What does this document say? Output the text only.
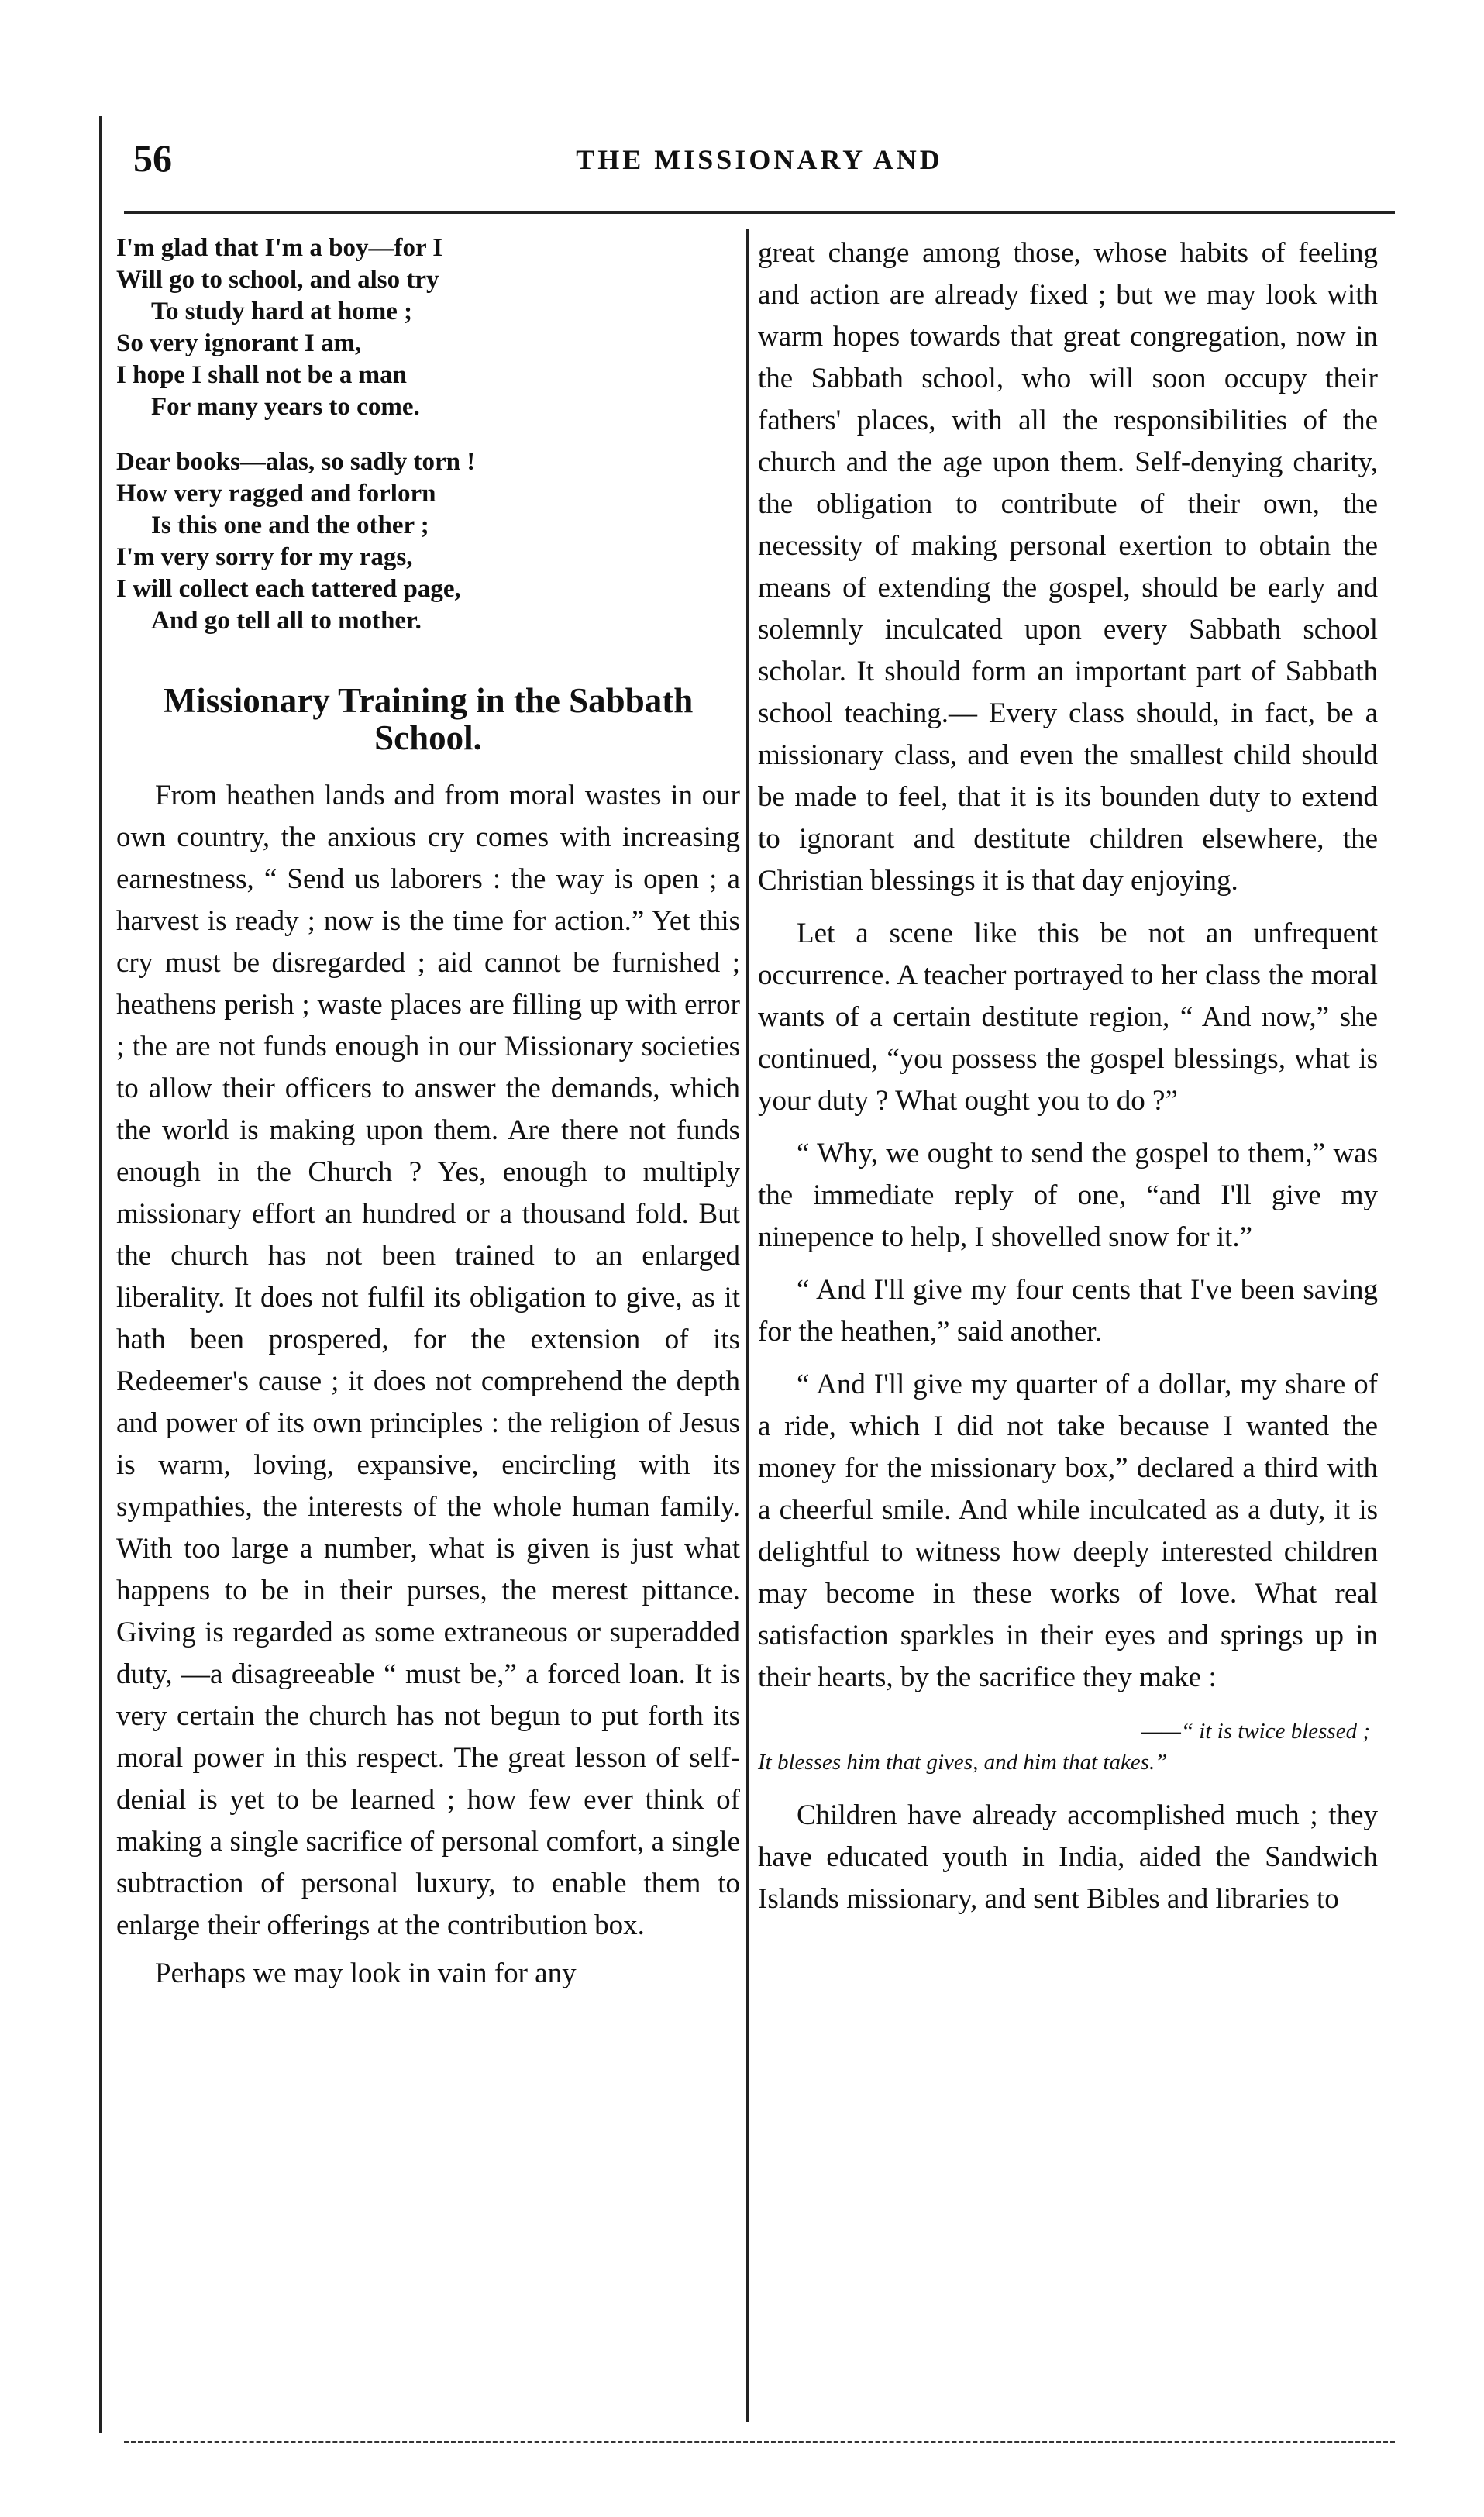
56	THE MISSIONARY AND
I'm glad that I'm a boy—for I
Will go to school, and also try
To study hard at home ;
So very ignorant I am,
I hope I shall not be a man
For many years to come.
Dear books—alas, so sadly torn !
How very ragged and forlorn
Is this one and the other ;
I'm very sorry for my rags,
I will collect each tattered page,
And go tell all to mother.
Missionary Training in the Sabbath School.

From heathen lands and from moral wastes in our own country, the anxious cry comes with increasing earnestness, “ Send us laborers : the way is open ; a harvest is ready ; now is the time for action.” Yet this cry must be disregarded ; aid cannot be furnished ; heathens perish ; waste places are filling up with error ; the are not funds enough in our Missionary societies to allow their officers to answer the demands, which the world is making upon them. Are there not funds enough in the Church ? Yes, enough to multiply missionary effort an hundred or a thousand fold. But the church has not been trained to an enlarged liberality. It does not fulfil its obligation to give, as it hath been prospered, for the extension of its Redeemer's cause ; it does not comprehend the depth and power of its own principles : the religion of Jesus is warm, loving, expansive, encircling with its sympathies, the interests of the whole human family. With too large a number, what is given is just what happens to be in their purses, the merest pittance. Giving is regarded as some extraneous or superadded duty, —a disagreeable “ must be,” a forced loan. It is very certain the church has not begun to put forth its moral power in this respect. The great lesson of self-denial is yet to be learned ; how few ever think of making a single sacrifice of personal comfort, a single subtraction of personal luxury, to enable them to enlarge their offerings at the contribution box.

Perhaps we may look in vain for any

great change among those, whose habits of feeling and action are already fixed ; but we may look with warm hopes towards that great congregation, now in the Sabbath school, who will soon occupy their fathers' places, with all the responsibilities of the church and the age upon them. Self-denying charity, the obligation to contribute of their own, the necessity of making personal exertion to obtain the means of extending the gospel, should be early and solemnly inculcated upon every Sabbath school scholar. It should form an important part of Sabbath school teaching.— Every class should, in fact, be a missionary class, and even the smallest child should be made to feel, that it is its bounden duty to extend to ignorant and destitute children elsewhere, the Christian blessings it is that day enjoying.

Let a scene like this be not an unfrequent occurrence. A teacher portrayed to her class the moral wants of a certain destitute region, “ And now,” she continued, “you possess the gospel blessings, what is your duty ? What ought you to do ?”

“ Why, we ought to send the gospel to them,” was the immediate reply of one, “and I'll give my ninepence to help, I shovelled snow for it.”

“ And I'll give my four cents that I've been saving for the heathen,” said another.

“ And I'll give my quarter of a dollar, my share of a ride, which I did not take because I wanted the money for the missionary box,” declared a third with a cheerful smile. And while inculcated as a duty, it is delightful to witness how deeply interested children may become in these works of love. What real satisfaction sparkles in their eyes and springs up in their hearts, by the sacrifice they make :

——“ it is twice blessed ;
It blesses him that gives, and him that takes.”

Children have already accomplished much ; they have educated youth in India, aided the Sandwich Islands missionary, and sent Bibles and libraries to
